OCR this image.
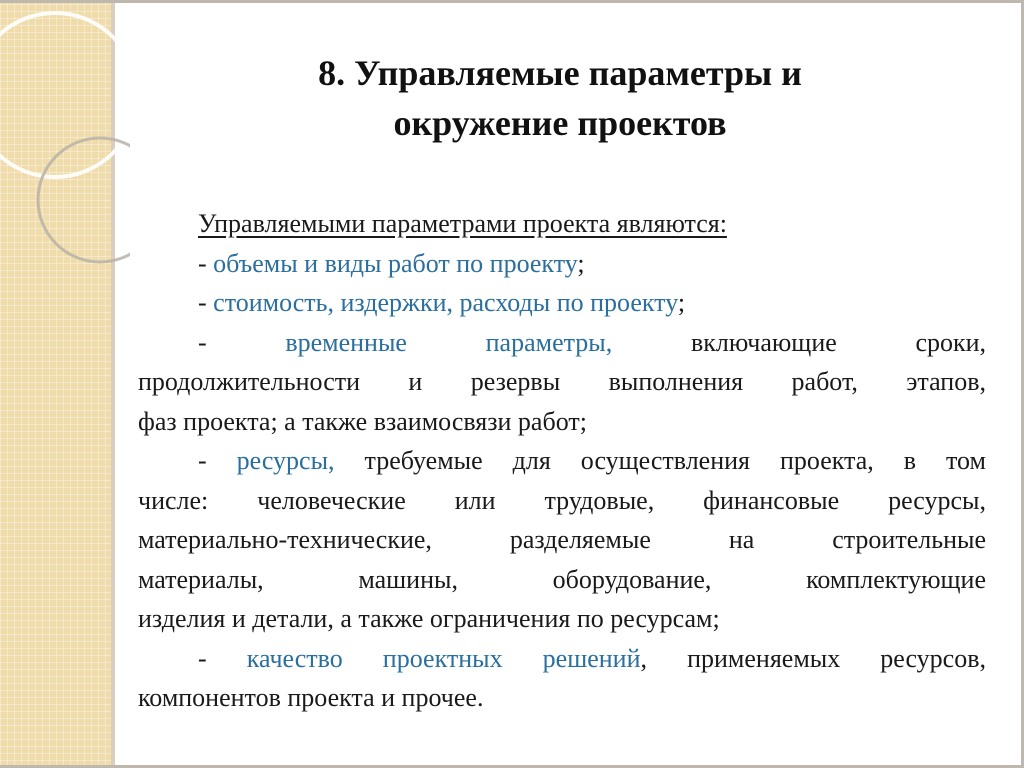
8. Управляемые параметры и
окружение проектов

Управляемыми параметрами проекта являются:

- объемы и виды работ по проекту;

- стоимость, издержки, расходы по проекту;

-	временные	параметры,	включающие	сроки,

продолжительности и резервы выполнения работ, этапов,

фаз проекта; а также взаимосвязи работ;

- ресурсы, требуемые для осуществления проекта, в том

числе: человеческие или трудовые, финансовые ресурсы,

материально-технические, разделяемые на строительные

материалы, машины, оборудование, комплектующие

изделия и детали, а также ограничения по ресурсам;

- качество проектных решений, применяемых ресурсов,

компонентов проекта и прочее.
